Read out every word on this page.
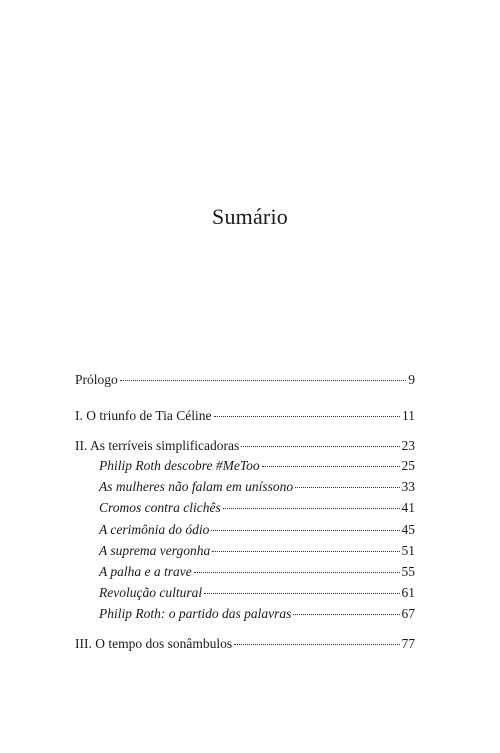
Sumário
Prólogo	9
I. O triunfo de Tia Céline	11
II. As terríveis simplificadoras	23
Philip Roth descobre #MeToo	25
As mulheres não falam em uníssono	33
Cromos contra clichês	41
A cerimônia do ódio	45
A suprema vergonha	51
A palha e a trave	55
Revolução cultural	61
Philip Roth: o partido das palavras	67
III. O tempo dos sonâmbulos	77
